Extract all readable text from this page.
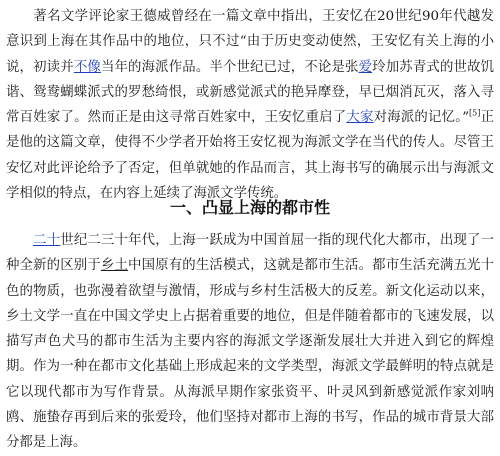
著名文学评论家王德威曾经在一篇文章中指出，王安忆在20世纪90年代越发意识到上海在其作品中的地位，只不过“由于历史变动使然，王安忆有关上海的小说，初读并不像当年的海派作品。半个世纪已过，不论是张爱玲加苏青式的世故饥谐、鸳鸯蝴蝶派式的罗愁绮恨，或新感觉派式的艳异摩登，早已烟消瓦灭，落入寻常百姓家了。然而正是由这寻常百姓家中，王安忆重启了大家对海派的记忆。”[5]正是他的这篇文章，使得不少学者开始将王安忆视为海派文学在当代的传人。尽管王安忆对此评论给予了否定，但单就她的作品而言，其上海书写的确展示出与海派文学相似的特点，在内容上延续了海派文学传统。

一、凸显上海的都市性

二十世纪二三十年代，上海一跃成为中国首屈一指的现代化大都市，出现了一种全新的区别于乡土中国原有的生活模式，这就是都市生活。都市生活充满五光十色的物质，也弥漫着欲望与激情，形成与乡村生活极大的反差。新文化运动以来，乡土文学一直在中国文学史上占据着重要的地位，但是伴随着都市的飞速发展，以描写声色犬马的都市生活为主要内容的海派文学逐渐发展壮大并进入到它的辉煌期。作为一种在都市文化基础上形成起来的文学类型，海派文学最鲜明的特点就是它以现代都市为写作背景。从海派早期作家张资平、叶灵风到新感觉派作家刘呐鸥、施蛰存再到后来的张爱玲，他们坚持对都市上海的书写，作品的城市背景大部分都是上海。
